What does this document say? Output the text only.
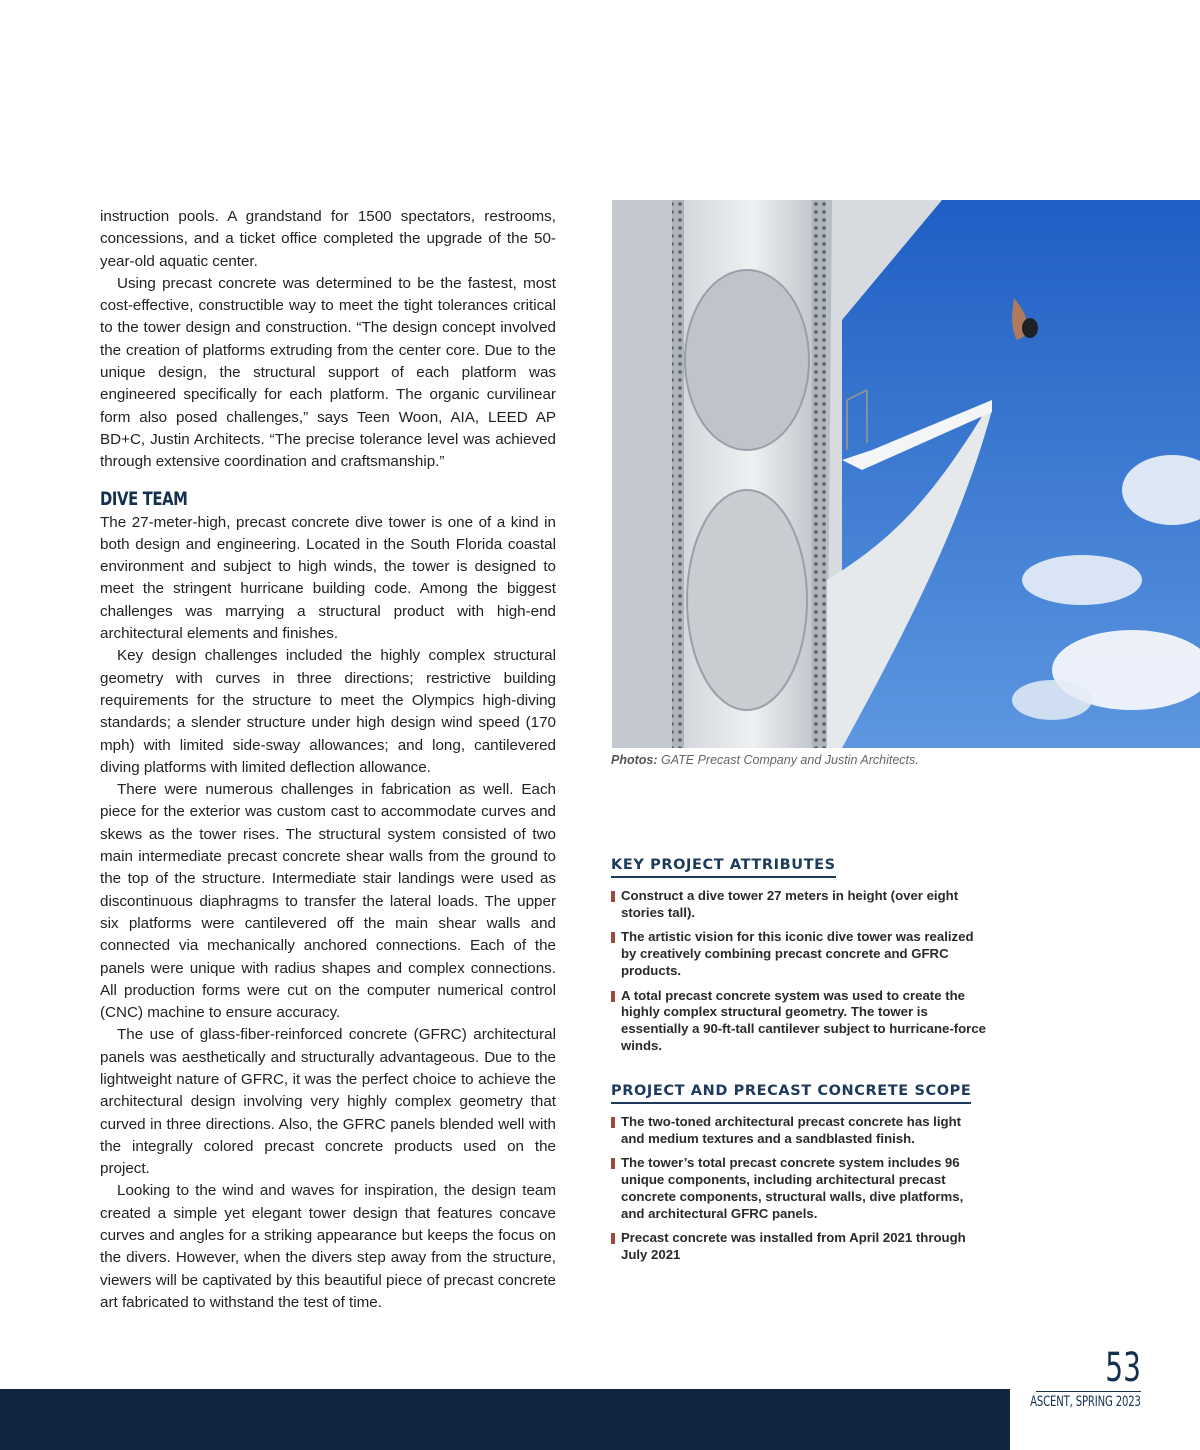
instruction pools. A grandstand for 1500 spectators, restrooms, concessions, and a ticket office completed the upgrade of the 50-year-old aquatic center.

Using precast concrete was determined to be the fastest, most cost-effective, constructible way to meet the tight tolerances critical to the tower design and construction. “The design concept involved the creation of platforms extruding from the center core. Due to the unique design, the structural support of each platform was engineered specifically for each platform. The organic curvilinear form also posed challenges,” says Teen Woon, AIA, LEED AP BD+C, Justin Architects. “The precise tolerance level was achieved through extensive coordination and craftsmanship.”

DIVE TEAM

The 27-meter-high, precast concrete dive tower is one of a kind in both design and engineering. Located in the South Florida coastal environment and subject to high winds, the tower is designed to meet the stringent hurricane building code. Among the biggest challenges was marrying a structural product with high-end architectural elements and finishes.

Key design challenges included the highly complex structural geometry with curves in three directions; restrictive building requirements for the structure to meet the Olympics high-diving standards; a slender structure under high design wind speed (170 mph) with limited side-sway allowances; and long, cantilevered diving platforms with limited deflection allowance.

There were numerous challenges in fabrication as well. Each piece for the exterior was custom cast to accommodate curves and skews as the tower rises. The structural system consisted of two main intermediate precast concrete shear walls from the ground to the top of the structure. Intermediate stair landings were used as discontinuous diaphragms to transfer the lateral loads. The upper six platforms were cantilevered off the main shear walls and connected via mechanically anchored connections. Each of the panels were unique with radius shapes and complex connections. All production forms were cut on the computer numerical control (CNC) machine to ensure accuracy.

The use of glass-fiber-reinforced concrete (GFRC) architectural panels was aesthetically and structurally advantageous. Due to the lightweight nature of GFRC, it was the perfect choice to achieve the architectural design involving very highly complex geometry that curved in three directions. Also, the GFRC panels blended well with the integrally colored precast concrete products used on the project.

Looking to the wind and waves for inspiration, the design team created a simple yet elegant tower design that features concave curves and angles for a striking appearance but keeps the focus on the divers. However, when the divers step away from the structure, viewers will be captivated by this beautiful piece of precast concrete art fabricated to withstand the test of time.

Photos: GATE Precast Company and Justin Architects.
KEY PROJECT ATTRIBUTES
Construct a dive tower 27 meters in height (over eight stories tall).
The artistic vision for this iconic dive tower was realized by creatively combining precast concrete and GFRC products.
A total precast concrete system was used to create the highly complex structural geometry. The tower is essentially a 90-ft-tall cantilever subject to hurricane-force winds.
PROJECT AND PRECAST CONCRETE SCOPE
The two-toned architectural precast concrete has light and medium textures and a sandblasted finish.
The tower’s total precast concrete system includes 96 unique components, including architectural precast concrete components, structural walls, dive platforms, and architectural GFRC panels.
Precast concrete was installed from April 2021 through July 2021
53
ASCENT, SPRING 2023
